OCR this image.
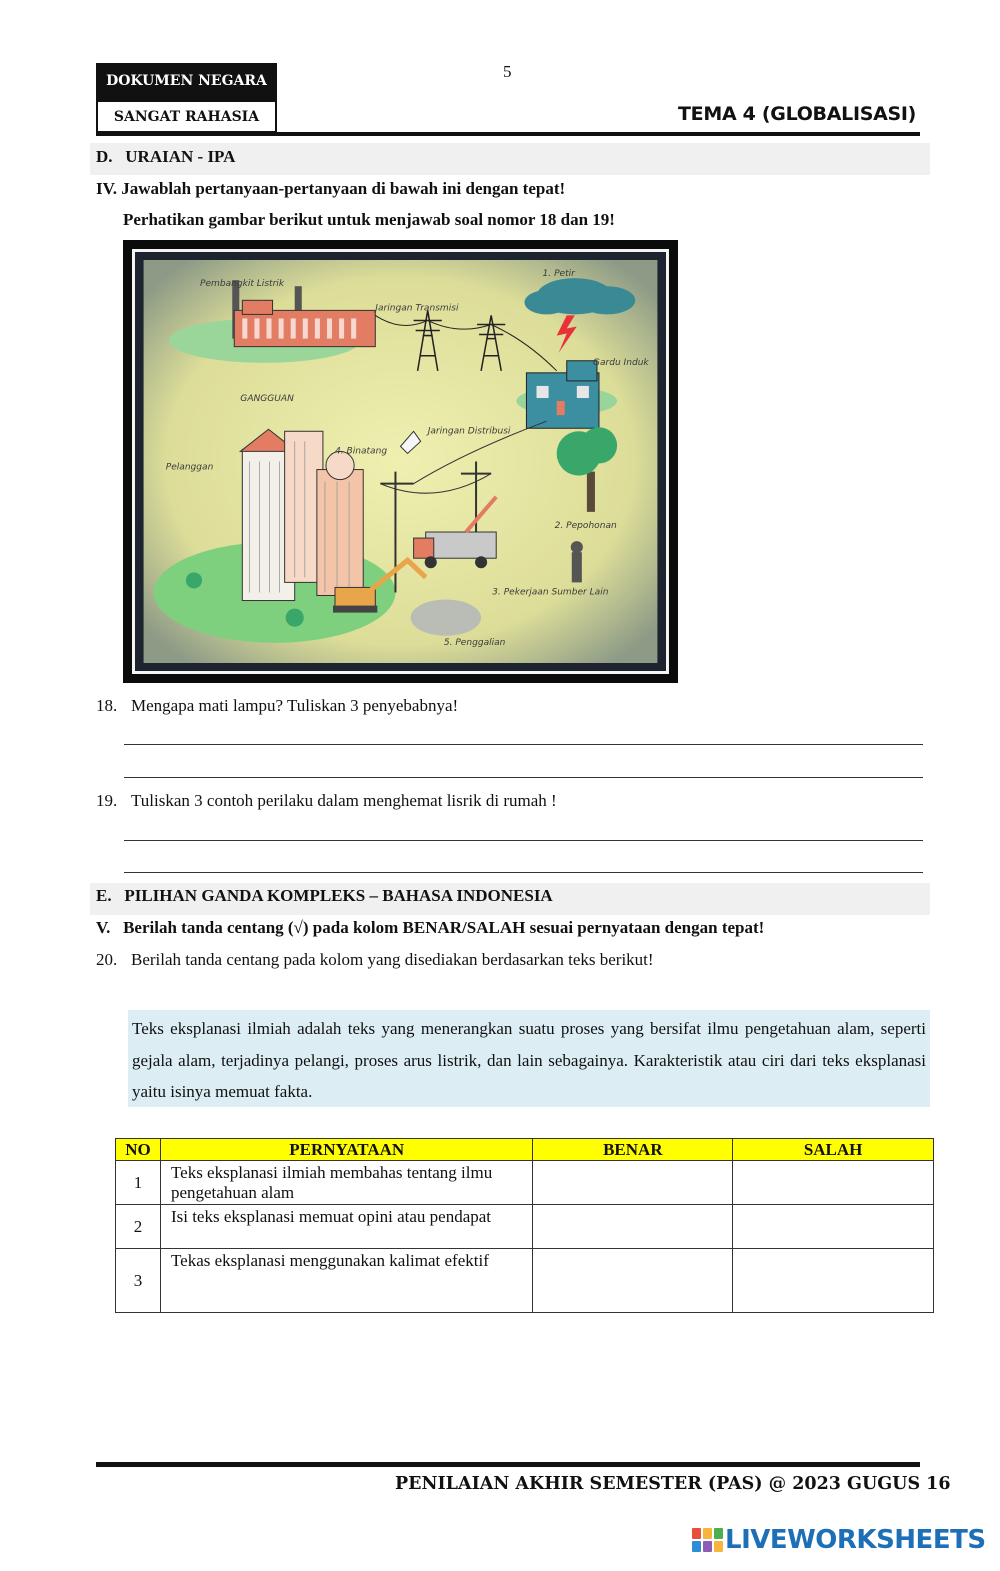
DOKUMEN NEGARA
SANGAT RAHASIA
5
TEMA 4 (GLOBALISASI)
D.   URAIAN - IPA
IV. Jawablah pertanyaan-pertanyaan di bawah ini dengan tepat!
Perhatikan gambar berikut untuk menjawab soal nomor 18 dan 19!
Pembangkit Listrik
Jaringan Transmisi
1. Petir
Gardu Induk
GANGGUAN
4. Binatang
Jaringan Distribusi
Pelanggan
2. Pepohonan
3. Pekerjaan Sumber Lain
5. Penggalian
18. Mengapa mati lampu? Tuliskan 3 penyebabnya!
19. Tuliskan 3 contoh perilaku dalam menghemat lisrik di rumah !
E.   PILIHAN GANDA KOMPLEKS – BAHASA INDONESIA
V.   Berilah tanda centang (√) pada kolom BENAR/SALAH sesuai pernyataan dengan tepat!
20. Berilah tanda centang pada kolom yang disediakan berdasarkan teks berikut!
Teks eksplanasi ilmiah adalah teks yang menerangkan suatu proses yang bersifat ilmu pengetahuan alam, seperti gejala alam, terjadinya pelangi, proses arus listrik, dan lain sebagainya. Karakteristik atau ciri dari teks eksplanasi yaitu isinya memuat fakta.
NO	PERNYATAAN	BENAR	SALAH
1	Teks eksplanasi ilmiah membahas tentang ilmu pengetahuan alam		
2	Isi teks eksplanasi memuat opini atau pendapat		
3	Tekas eksplanasi menggunakan kalimat efektif		
PENILAIAN AKHIR SEMESTER (PAS) @ 2023 GUGUS 16
LIVEWORKSHEETS
